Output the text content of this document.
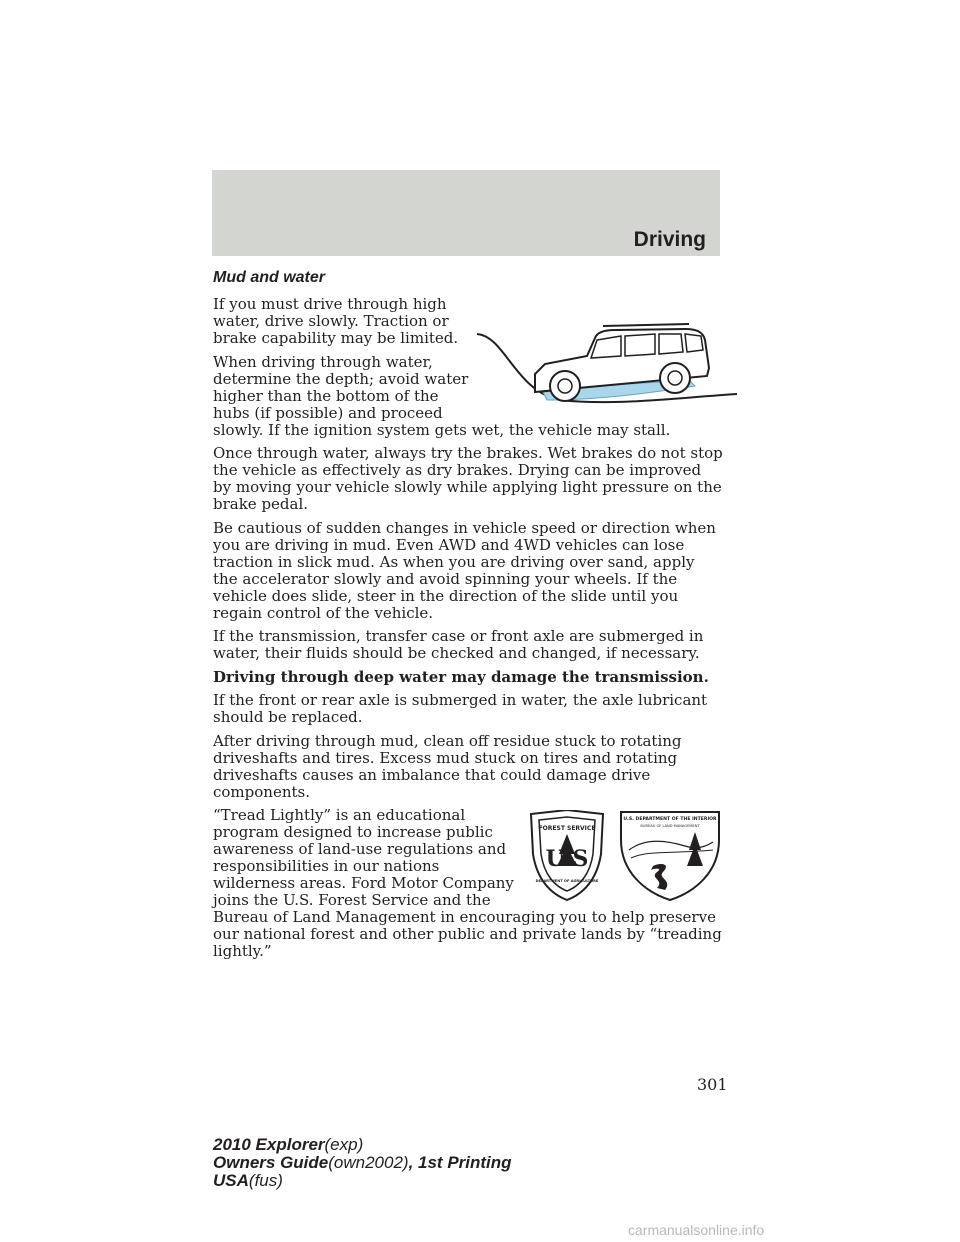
Driving
Mud and water

If you must drive through high water, drive slowly. Traction or brake capability may be limited.

When driving through water, determine the depth; avoid water higher than the bottom of the hubs (if possible) and proceed slowly. If the ignition system gets wet, the vehicle may stall.

Once through water, always try the brakes. Wet brakes do not stop the vehicle as effectively as dry brakes. Drying can be improved by moving your vehicle slowly while applying light pressure on the brake pedal.

Be cautious of sudden changes in vehicle speed or direction when you are driving in mud. Even AWD and 4WD vehicles can lose traction in slick mud. As when you are driving over sand, apply the accelerator slowly and avoid spinning your wheels. If the vehicle does slide, steer in the direction of the slide until you regain control of the vehicle.

If the transmission, transfer case or front axle are submerged in water, their fluids should be checked and changed, if necessary.

Driving through deep water may damage the transmission.

If the front or rear axle is submerged in water, the axle lubricant should be replaced.

After driving through mud, clean off residue stuck to rotating driveshafts and tires. Excess mud stuck on tires and rotating driveshafts causes an imbalance that could damage drive components.

FOREST SERVICE
U S
DEPARTMENT OF AGRICULTURE
U.S. DEPARTMENT OF THE INTERIOR
BUREAU OF LAND MANAGEMENT

“Tread Lightly” is an educational program designed to increase public awareness of land-use regulations and responsibilities in our nations wilderness areas. Ford Motor Company joins the U.S. Forest Service and the Bureau of Land Management in encouraging you to help preserve our national forest and other public and private lands by “treading lightly.”

301
2010 Explorer(exp)
Owners Guide(own2002), 1st Printing
USA(fus)
carmanualsonline.info
